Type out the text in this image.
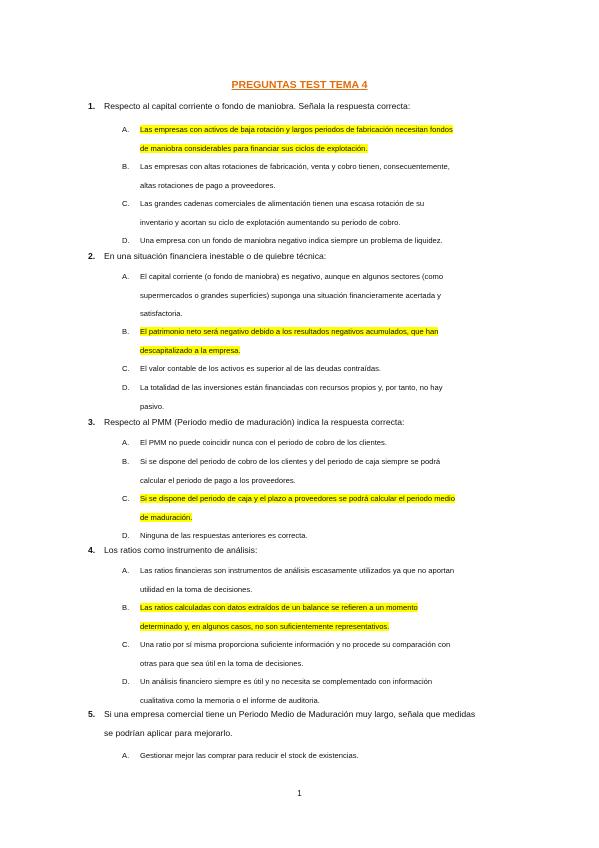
PREGUNTAS TEST TEMA 4
1. Respecto al capital corriente o fondo de maniobra. Señala la respuesta correcta:
A. Las empresas con activos de baja rotación y largos periodos de fabricación necesitan fondos
de maniobra considerables para financiar sus ciclos de explotación.
B. Las empresas con altas rotaciones de fabricación, venta y cobro tienen, consecuentemente,
altas rotaciones de pago a proveedores.
C. Las grandes cadenas comerciales de alimentación tienen una escasa rotación de su
inventario y acortan su ciclo de explotación aumentando su periodo de cobro.
D. Una empresa con un fondo de maniobra negativo indica siempre un problema de liquidez.
2. En una situación financiera inestable o de quiebre técnica:
A. El capital corriente (o fondo de maniobra) es negativo, aunque en algunos sectores (como
supermercados o grandes superficies) suponga una situación financieramente acertada y
satisfactoria.
B. El patrimonio neto será negativo debido a los resultados negativos acumulados, que han
descapitalizado a la empresa.
C. El valor contable de los activos es superior al de las deudas contraídas.
D. La totalidad de las inversiones están financiadas con recursos propios y, por tanto, no hay
pasivo.
3. Respecto al PMM (Periodo medio de maduración) indica la respuesta correcta:
A. El PMM no puede coincidir nunca con el periodo de cobro de los clientes.
B. Si se dispone del periodo de cobro de los clientes y del periodo de caja siempre se podrá
calcular el periodo de pago a los proveedores.
C. Si se dispone del periodo de caja y el plazo a proveedores se podrá calcular el periodo medio
de maduración.
D. Ninguna de las respuestas anteriores es correcta.
4. Los ratios como instrumento de análisis:
A. Las ratios financieras son instrumentos de análisis escasamente utilizados ya que no aportan
utilidad en la toma de decisiones.
B. Las ratios calculadas con datos extraídos de un balance se refieren a un momento
determinado y, en algunos casos, no son suficientemente representativos.
C. Una ratio por sí misma proporciona suficiente información y no procede su comparación con
otras para que sea útil en la toma de decisiones.
D. Un análisis financiero siempre es útil y no necesita se complementado con información
cualitativa como la memoria o el informe de auditoria.
5. Si una empresa comercial tiene un Periodo Medio de Maduración muy largo, señala que medidas
se podrían aplicar para mejorarlo.
A. Gestionar mejor las comprar para reducir el stock de existencias.
1
